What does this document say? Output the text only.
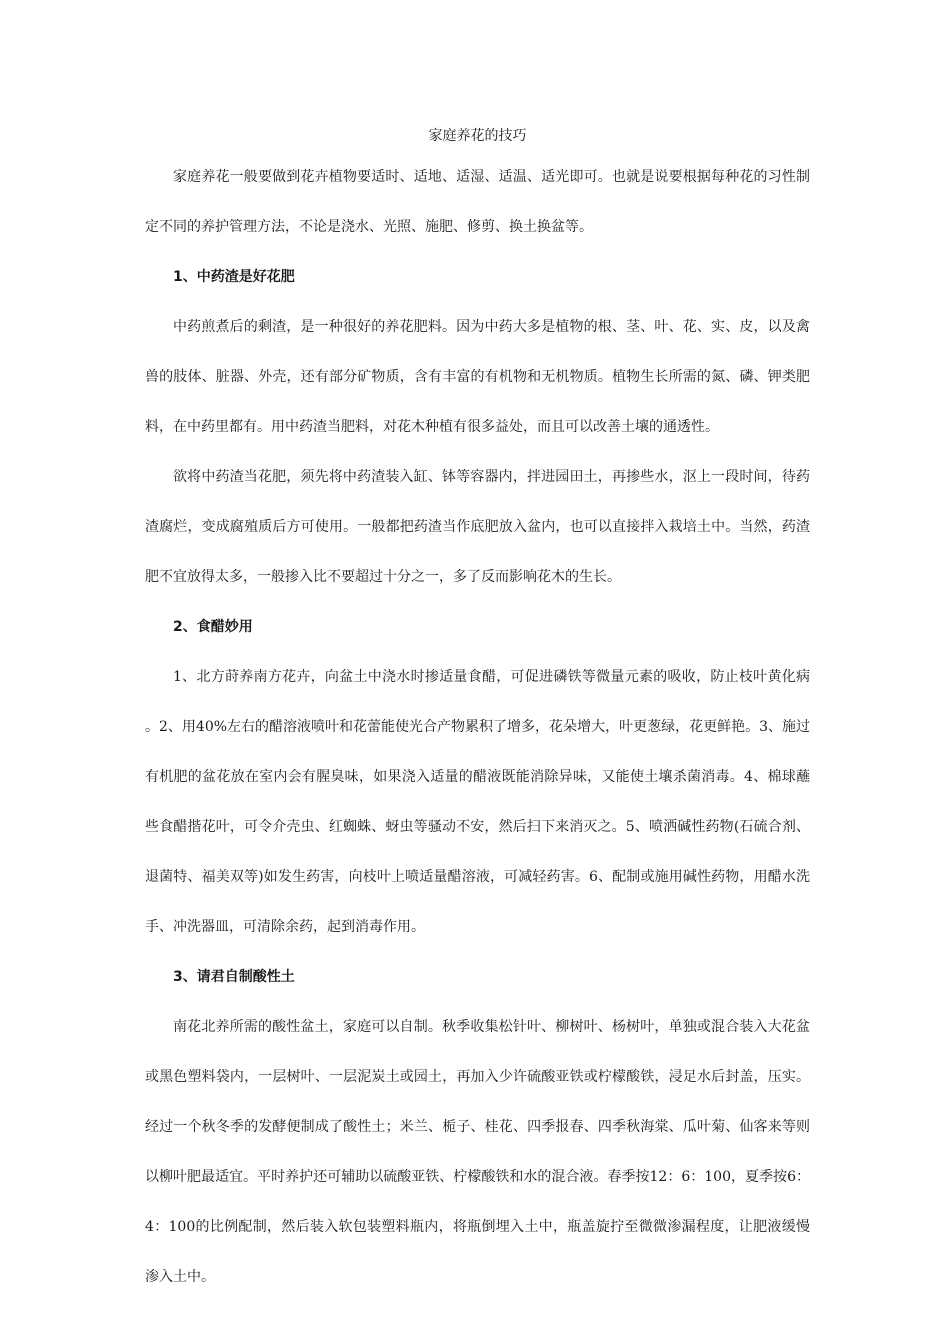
家庭养花的技巧

家庭养花一般要做到花卉植物要适时、适地、适湿、适温、适光即可。也就是说要根据每种花的习性制定不同的养护管理方法，不论是浇水、光照、施肥、修剪、换土换盆等。

1、中药渣是好花肥

中药煎煮后的剩渣，是一种很好的养花肥料。因为中药大多是植物的根、茎、叶、花、实、皮，以及禽兽的肢体、脏器、外壳，还有部分矿物质，含有丰富的有机物和无机物质。植物生长所需的氮、磷、钾类肥料，在中药里都有。用中药渣当肥料，对花木种植有很多益处，而且可以改善土壤的通透性。

欲将中药渣当花肥，须先将中药渣装入缸、钵等容器内，拌进园田土，再掺些水，沤上一段时间，待药渣腐烂，变成腐殖质后方可使用。一般都把药渣当作底肥放入盆内，也可以直接拌入栽培土中。当然，药渣肥不宜放得太多，一般掺入比不要超过十分之一，多了反而影响花木的生长。

2、食醋妙用

1、北方莳养南方花卉，向盆土中浇水时掺适量食醋，可促进磷铁等微量元素的吸收，防止枝叶黄化病 。2、用40%左右的醋溶液喷叶和花蕾能使光合产物累积了增多，花朵增大，叶更葱绿，花更鲜艳。3、施过有机肥的盆花放在室内会有腥臭味，如果浇入适量的醋液既能消除异味，又能使土壤杀菌消毒。4、棉球蘸些食醋揩花叶，可令介壳虫、红蜘蛛、蚜虫等骚动不安，然后扫下来消灭之。5、喷洒碱性药物(石硫合剂、退菌特、福美双等)如发生药害，向枝叶上喷适量醋溶液，可减轻药害。6、配制或施用碱性药物，用醋水洗手、冲洗器皿，可清除余药，起到消毒作用。

3、请君自制酸性土

南花北养所需的酸性盆土，家庭可以自制。秋季收集松针叶、柳树叶、杨树叶，单独或混合装入大花盆或黑色塑料袋内，一层树叶、一层泥炭土或园土，再加入少许硫酸亚铁或柠檬酸铁，浸足水后封盖，压实。经过一个秋冬季的发酵便制成了酸性土；米兰、栀子、桂花、四季报春、四季秋海棠、瓜叶菊、仙客来等则以柳叶肥最适宜。平时养护还可辅助以硫酸亚铁、柠檬酸铁和水的混合液。春季按12：6：100，夏季按6：4：100的比例配制，然后装入软包装塑料瓶内，将瓶倒埋入土中，瓶盖旋拧至微微渗漏程度，让肥液缓慢渗入土中。
